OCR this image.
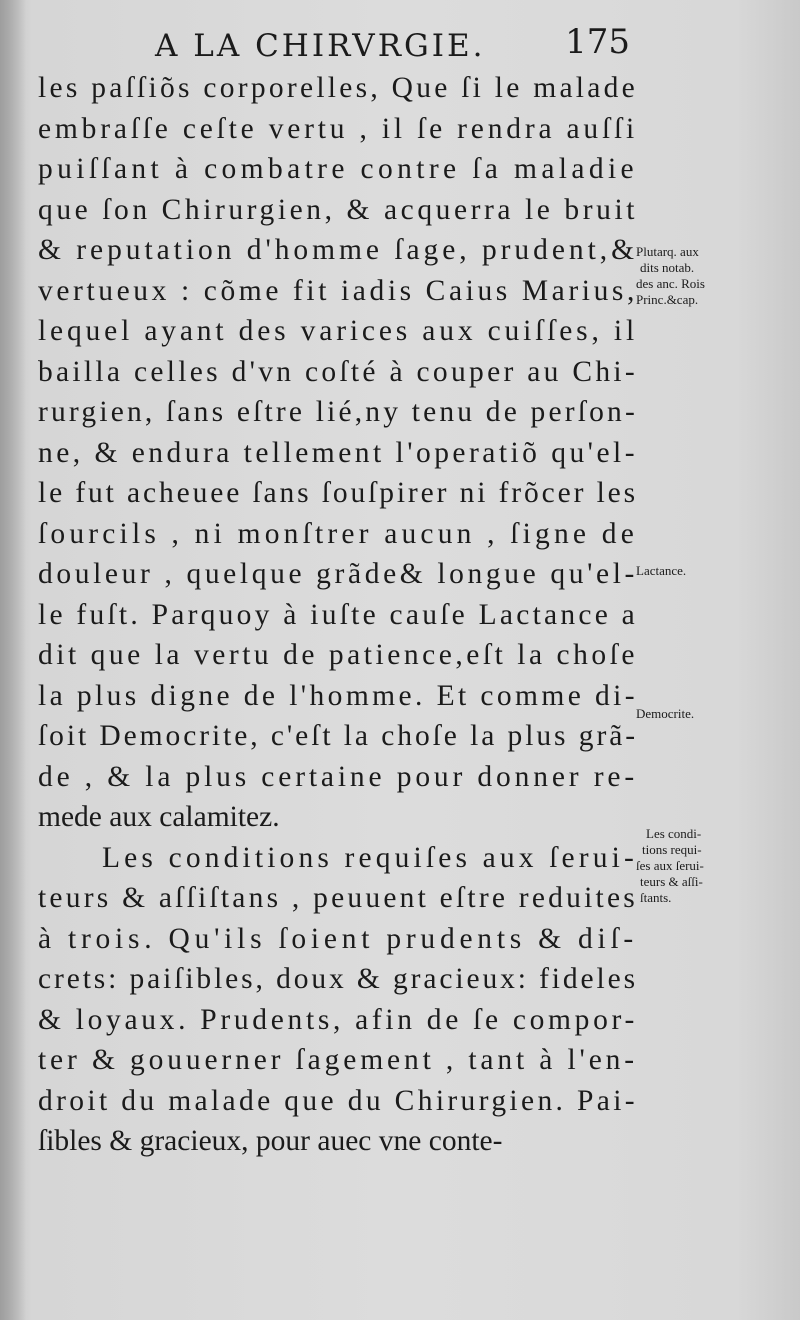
A LA CHIRVRGIE. 175
les paſſiõs corporelles, Que ſi le malade
embraſſe ceſte vertu , il ſe rendra auſſi
puiſſant à combatre contre ſa maladie
que ſon Chirurgien, & acquerra le bruit
& reputation d'homme ſage, prudent,&
vertueux : cõme fit iadis Caius Marius,
lequel ayant des varices aux cuiſſes, il
bailla celles d'vn coſté à couper au Chi-
rurgien, ſans eſtre lié,ny tenu de perſon-
ne, & endura tellement l'operatiõ qu'el-
le fut acheuee ſans ſouſpirer ni frõcer les
ſourcils , ni monſtrer aucun , ſigne de
douleur , quelque grãde& longue qu'el-
le fuſt. Parquoy à iuſte cauſe Lactance a
dit que la vertu de patience,eſt la choſe
la plus digne de l'homme. Et comme di-
ſoit Democrite, c'eſt la choſe la plus grã-
de , & la plus certaine pour donner re-
mede aux calamitez.
Les conditions requiſes aux ſerui-
teurs & aſſiſtans , peuuent eſtre reduites
à trois. Qu'ils ſoient prudents & diſ-
crets: paiſibles, doux & gracieux: fideles
& loyaux. Prudents, afin de ſe compor-
ter & gouuerner ſagement , tant à l'en-
droit du malade que du Chirurgien. Pai-
ſibles & gracieux, pour auec vne conte-
Plutarq. aux
dits notab.
des anc. Rois
Princ.&cap.
Lactance.
Democrite.
Les condi-
tions requi-
ſes aux ſerui-
teurs & aſſi-
ſtants.
